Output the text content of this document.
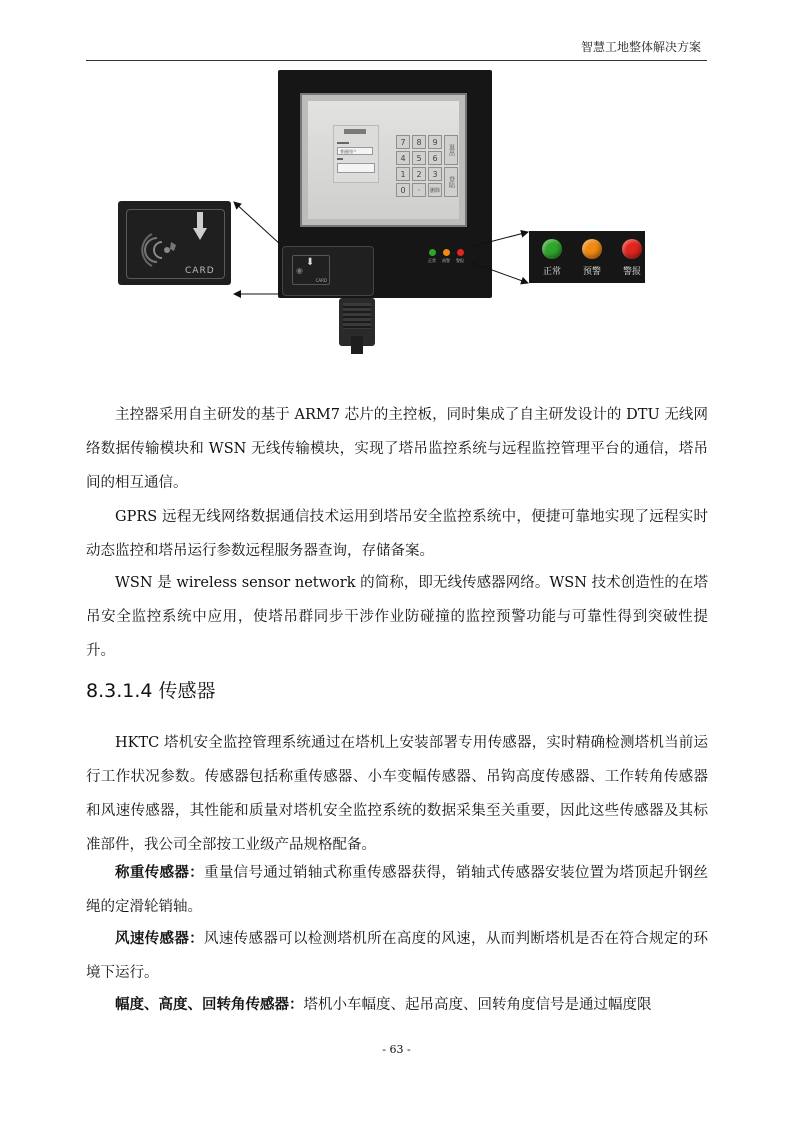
智慧工地整体解决方案
普通用户
7	8	9
退出
4	5	6
1	2	3
登陆
0	·	删除
⬇
◉
CARD
正常 预警 警报
CARD	正常 预警 警报

主控器采用自主研发的基于 ARM7 芯片的主控板，同时集成了自主研发设计的 DTU 无线网络数据传输模块和 WSN 无线传输模块，实现了塔吊监控系统与远程监控管理平台的通信，塔吊间的相互通信。

GPRS 远程无线网络数据通信技术运用到塔吊安全监控系统中，便捷可靠地实现了远程实时动态监控和塔吊运行参数远程服务器查询，存储备案。

WSN 是 wireless sensor network 的简称，即无线传感器网络。WSN 技术创造性的在塔吊安全监控系统中应用，使塔吊群同步干涉作业防碰撞的监控预警功能与可靠性得到突破性提升。

8.3.1.4 传感器

HKTC 塔机安全监控管理系统通过在塔机上安装部署专用传感器，实时精确检测塔机当前运行工作状况参数。传感器包括称重传感器、小车变幅传感器、吊钩高度传感器、工作转角传感器和风速传感器，其性能和质量对塔机安全监控系统的数据采集至关重要，因此这些传感器及其标准部件，我公司全部按工业级产品规格配备。

称重传感器：重量信号通过销轴式称重传感器获得，销轴式传感器安装位置为塔顶起升钢丝绳的定滑轮销轴。

风速传感器：风速传感器可以检测塔机所在高度的风速，从而判断塔机是否在符合规定的环境下运行。

幅度、高度、回转角传感器：塔机小车幅度、起吊高度、回转角度信号是通过幅度限

- 63 -
